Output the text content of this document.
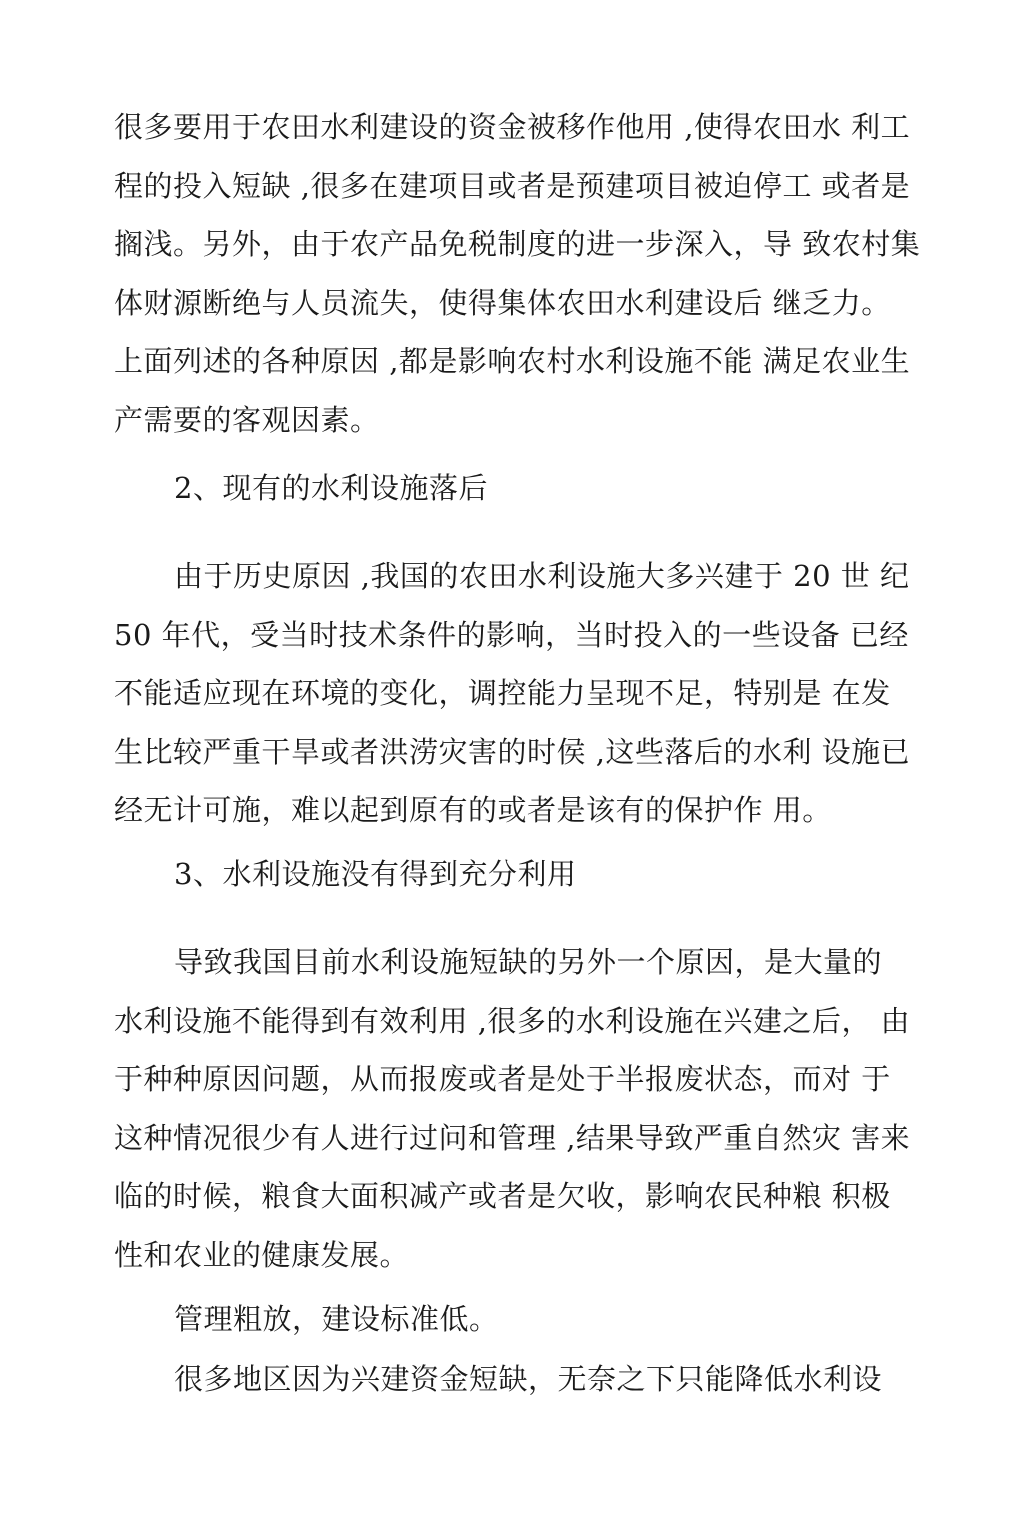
很多要用于农田水利建设的资金被移作他用 ,使得农田水 利工
程的投入短缺 ,很多在建项目或者是预建项目被迫停工 或者是
搁浅。另外，由于农产品免税制度的进一步深入，导 致农村集
体财源断绝与人员流失，使得集体农田水利建设后 继乏力。
上面列述的各种原因 ,都是影响农村水利设施不能 满足农业生
产需要的客观因素。
2、现有的水利设施落后
由于历史原因 ,我国的农田水利设施大多兴建于 20 世 纪
50 年代，受当时技术条件的影响，当时投入的一些设备 已经
不能适应现在环境的变化，调控能力呈现不足，特别是 在发
生比较严重干旱或者洪涝灾害的时侯 ,这些落后的水利 设施已
经无计可施，难以起到原有的或者是该有的保护作 用。
3、水利设施没有得到充分利用
导致我国目前水利设施短缺的另外一个原因，是大量的
水利设施不能得到有效利用 ,很多的水利设施在兴建之后， 由
于种种原因问题，从而报废或者是处于半报废状态，而对 于
这种情况很少有人进行过问和管理 ,结果导致严重自然灾 害来
临的时候，粮食大面积减产或者是欠收，影响农民种粮 积极
性和农业的健康发展。
管理粗放，建设标准低。
很多地区因为兴建资金短缺，无奈之下只能降低水利设
